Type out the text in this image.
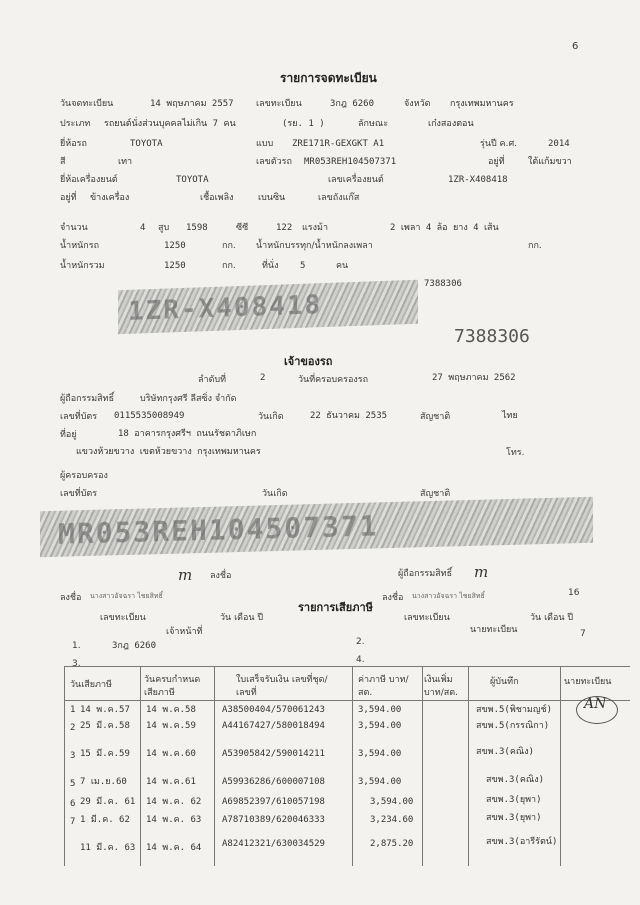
6
รายการจดทะเบียน
วันจดทะเบียน	14 พฤษภาคม 2557 เลขทะเบียน	3กฎ 6260	จังหวัด กรุงเทพมหานคร
ประเภท รถยนต์นั่งส่วนบุคคลไม่เกิน 7 คน	(รย. 1 )	ลักษณะ	เก๋งสองตอน
ยี่ห้อรถ	TOYOTA	แบบ ZRE171R-GEXGKT A1	รุ่นปี ค.ศ.	2014
สี	เทา	เลขตัวรถ MR053REH104507371	อยู่ที่	ใต้แก้มขวา
ยี่ห้อเครื่องยนต์	TOYOTA	เลขเครื่องยนต์	1ZR-X408418
อยู่ที่ ข้างเครื่อง	เชื้อเพลิง	เบนซิน	เลขถังแก๊ส
จำนวน	4 สูบ 1598	ซีซี	122 แรงม้า	2 เพลา 4 ล้อ ยาง 4 เส้น
น้ำหนักรถ	1250	กก. น้ำหนักบรรทุก/น้ำหนักลงเพลา	กก.
น้ำหนักรวม	1250	กก.	ที่นั่ง 5	คน
7388306
1ZR-X408418
7388306
เจ้าของรถ
ลำดับที่	2	วันที่ครอบครองรถ	27 พฤษภาคม 2562
ผู้ถือกรรมสิทธิ์	บริษัทกรุงศรี ลีสซิ่ง จำกัด
เลขที่บัตร 0115535008949	วันเกิด	22 ธันวาคม 2535	สัญชาติ	ไทย
ที่อยู่	18 อาคารกรุงศรีฯ ถนนรัชดาภิเษก
แขวงห้วยขวาง เขตห้วยขวาง กรุงเทพมหานคร	โทร.
ผู้ครอบครอง
เลขที่บัตร	วันเกิด	สัญชาติ
MR053REH104507371
m ลงชื่อ	ผู้ถือกรรมสิทธิ์ m
ลงชื่อ นางสาวอัจฉรา ไชยสิทธิ์	ลงชื่อ นางสาวอัจฉรา ไชยสิทธิ์	16
รายการเสียภาษี
เลขทะเบียน	วัน เดือน ปี
เจ้าหน้าที่
เลขทะเบียน	วัน เดือน ปี
นายทะเบียน	7
1.	3กฎ 6260	2.
3.	4.
วันเสียภาษี	วันครบกำหนด เสียภาษี
ใบเสร็จรับเงิน เลขที่ชุด/เลขที่
ค่าภาษี บาท/สต.
เงินเพิ่ม บาท/สต.
ผู้บันทึก	นายทะเบียน
1 14 พ.ค.57 14 พ.ค.58	A38500404/570061243	3,594.00	สขพ.5(พิชามญช์)
2 25 มี.ค.58 14 พ.ค.59	A44167427/580018494	3,594.00	สขพ.5(กรรณิกา)
3 15 มี.ค.59 14 พ.ค.60	A53905842/590014211	3,594.00	สขพ.3(คณิง)
5 7 เม.ย.60 14 พ.ค.61	A59936286/600007108	3,594.00	สขพ.3(คณิง)
6 29 มี.ค. 61 14 พ.ค. 62 A69852397/610057198	3,594.00	สขพ.3(ยุพา)
7 1 มี.ค. 62 14 พ.ค. 63 A78710389/620046333	3,234.60	สขพ.3(ยุพา)
11 มี.ค. 63 14 พ.ค. 64 A82412321/630034529	2,875.20	สขพ.3(อารีรัตน์)
AN
